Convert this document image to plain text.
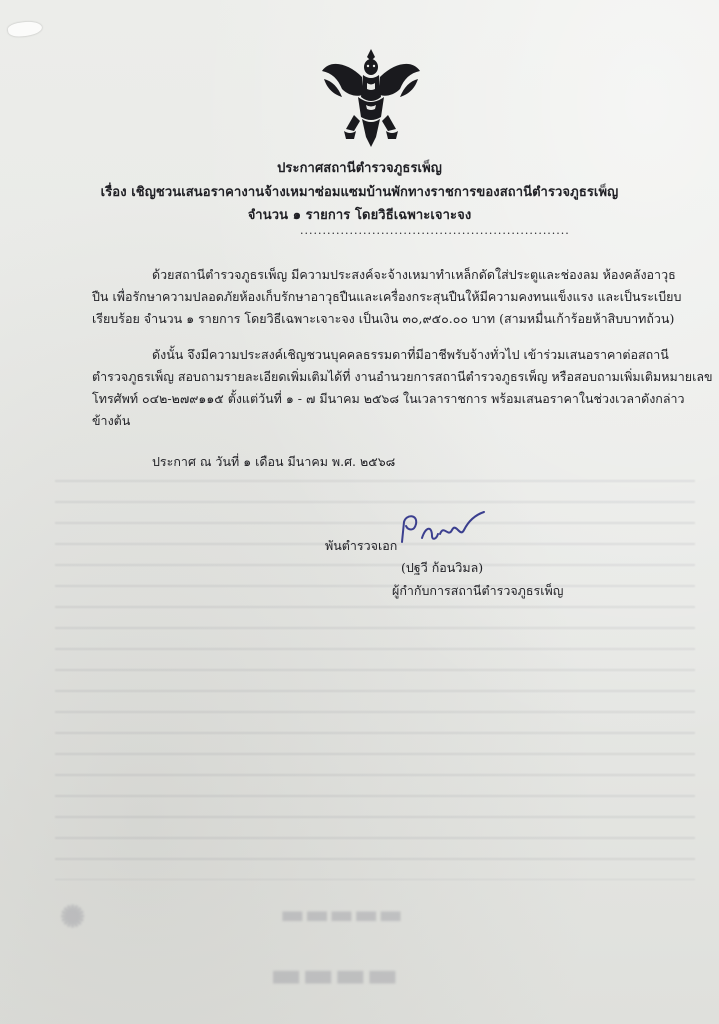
ประกาศสถานีตำรวจภูธรเพ็ญ
เรื่อง เชิญชวนเสนอราคางานจ้างเหมาซ่อมแซมบ้านพักทางราชการของสถานีตำรวจภูธรเพ็ญ
จำนวน ๑ รายการ โดยวิธีเฉพาะเจาะจง
............................................................

ด้วยสถานีตำรวจภูธรเพ็ญ มีความประสงค์จะจ้างเหมาทำเหล็กดัดใส่ประตูและช่องลม ห้องคลังอาวุธ

ปืน เพื่อรักษาความปลอดภัยห้องเก็บรักษาอาวุธปืนและเครื่องกระสุนปืนให้มีความคงทนแข็งแรง และเป็นระเบียบ

เรียบร้อย จำนวน ๑ รายการ โดยวิธีเฉพาะเจาะจง เป็นเงิน ๓๐,๙๕๐.๐๐ บาท (สามหมื่นเก้าร้อยห้าสิบบาทถ้วน)

ดังนั้น จึงมีความประสงค์เชิญชวนบุคคลธรรมดาที่มีอาชีพรับจ้างทั่วไป เข้าร่วมเสนอราคาต่อสถานี

ตำรวจภูธรเพ็ญ สอบถามรายละเอียดเพิ่มเติมได้ที่ งานอำนวยการสถานีตำรวจภูธรเพ็ญ หรือสอบถามเพิ่มเติมหมายเลข

โทรศัพท์ ๐๔๒-๒๗๙๑๑๕ ตั้งแต่วันที่ ๑ - ๗ มีนาคม ๒๕๖๘ ในเวลาราชการ พร้อมเสนอราคาในช่วงเวลาดังกล่าว

ข้างต้น

ประกาศ ณ วันที่ ๑ เดือน มีนาคม พ.ศ. ๒๕๖๘
พันตำรวจเอก
(ปฐวี ก้อนวิมล)
ผู้กำกับการสถานีตำรวจภูธรเพ็ญ
▬▬▬▬▬
▬▬▬▬
✺
